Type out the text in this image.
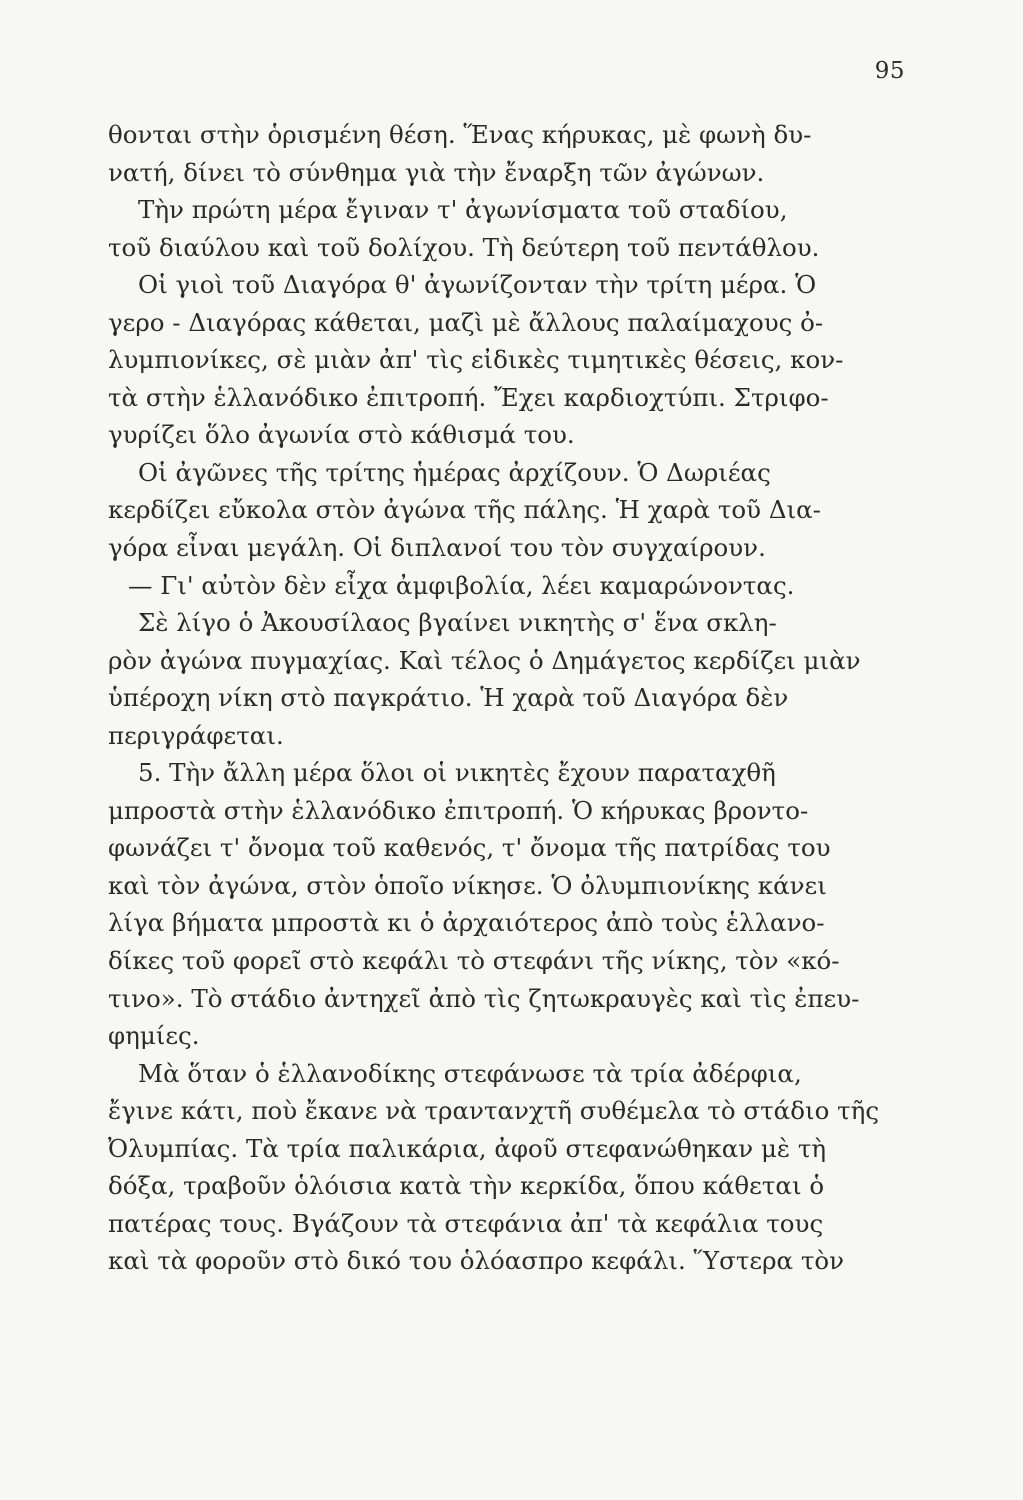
95
θονται στὴν ὁρισμένη θέση. Ἕνας κήρυκας, μὲ φωνὴ δυ-
νατή, δίνει τὸ σύνθημα γιὰ τὴν ἔναρξη τῶν ἀγώνων.
Τὴν πρώτη μέρα ἔγιναν τ' ἀγωνίσματα τοῦ σταδίου,
τοῦ διαύλου καὶ τοῦ δολίχου. Τὴ δεύτερη τοῦ πεντάθλου.
Οἱ γιοὶ τοῦ Διαγόρα θ' ἀγωνίζονταν τὴν τρίτη μέρα. Ὁ
γερο - Διαγόρας κάθεται, μαζὶ μὲ ἄλλους παλαίμαχους ὀ-
λυμπιονίκες, σὲ μιὰν ἀπ' τὶς εἰδικὲς τιμητικὲς θέσεις, κον-
τὰ στὴν ἑλλανόδικο ἐπιτροπή. Ἔχει καρδιοχτύπι. Στριφο-
γυρίζει ὅλο ἀγωνία στὸ κάθισμά του.
Οἱ ἀγῶνες τῆς τρίτης ἡμέρας ἀρχίζουν. Ὁ Δωριέας
κερδίζει εὔκολα στὸν ἀγώνα τῆς πάλης. Ἡ χαρὰ τοῦ Δια-
γόρα εἶναι μεγάλη. Οἱ διπλανοί του τὸν συγχαίρουν.
— Γι' αὐτὸν δὲν εἶχα ἀμφιβολία, λέει καμαρώνοντας.
Σὲ λίγο ὁ Ἀκουσίλαος βγαίνει νικητὴς σ' ἕνα σκλη-
ρὸν ἀγώνα πυγμαχίας. Καὶ τέλος ὁ Δημάγετος κερδίζει μιὰν
ὑπέροχη νίκη στὸ παγκράτιο. Ἡ χαρὰ τοῦ Διαγόρα δὲν
περιγράφεται.
5. Τὴν ἄλλη μέρα ὅλοι οἱ νικητὲς ἔχουν παραταχθῆ
μπροστὰ στὴν ἑλλανόδικο ἐπιτροπή. Ὁ κήρυκας βροντο-
φωνάζει τ' ὄνομα τοῦ καθενός, τ' ὄνομα τῆς πατρίδας του
καὶ τὸν ἀγώνα, στὸν ὁποῖο νίκησε. Ὁ ὀλυμπιονίκης κάνει
λίγα βήματα μπροστὰ κι ὁ ἀρχαιότερος ἀπὸ τοὺς ἑλλανο-
δίκες τοῦ φορεῖ στὸ κεφάλι τὸ στεφάνι τῆς νίκης, τὸν «κό-
τινο». Τὸ στάδιο ἀντηχεῖ ἀπὸ τὶς ζητωκραυγὲς καὶ τὶς ἐπευ-
φημίες.
Μὰ ὅταν ὁ ἑλλανοδίκης στεφάνωσε τὰ τρία ἀδέρφια,
ἔγινε κάτι, ποὺ ἔκανε νὰ τραντανχτῆ συθέμελα τὸ στάδιο τῆς
Ὀλυμπίας. Τὰ τρία παλικάρια, ἀφοῦ στεφανώθηκαν μὲ τὴ
δόξα, τραβοῦν ὁλόισια κατὰ τὴν κερκίδα, ὅπου κάθεται ὁ
πατέρας τους. Βγάζουν τὰ στεφάνια ἀπ' τὰ κεφάλια τους
καὶ τὰ φοροῦν στὸ δικό του ὁλόασπρο κεφάλι. Ὕστερα τὸν
